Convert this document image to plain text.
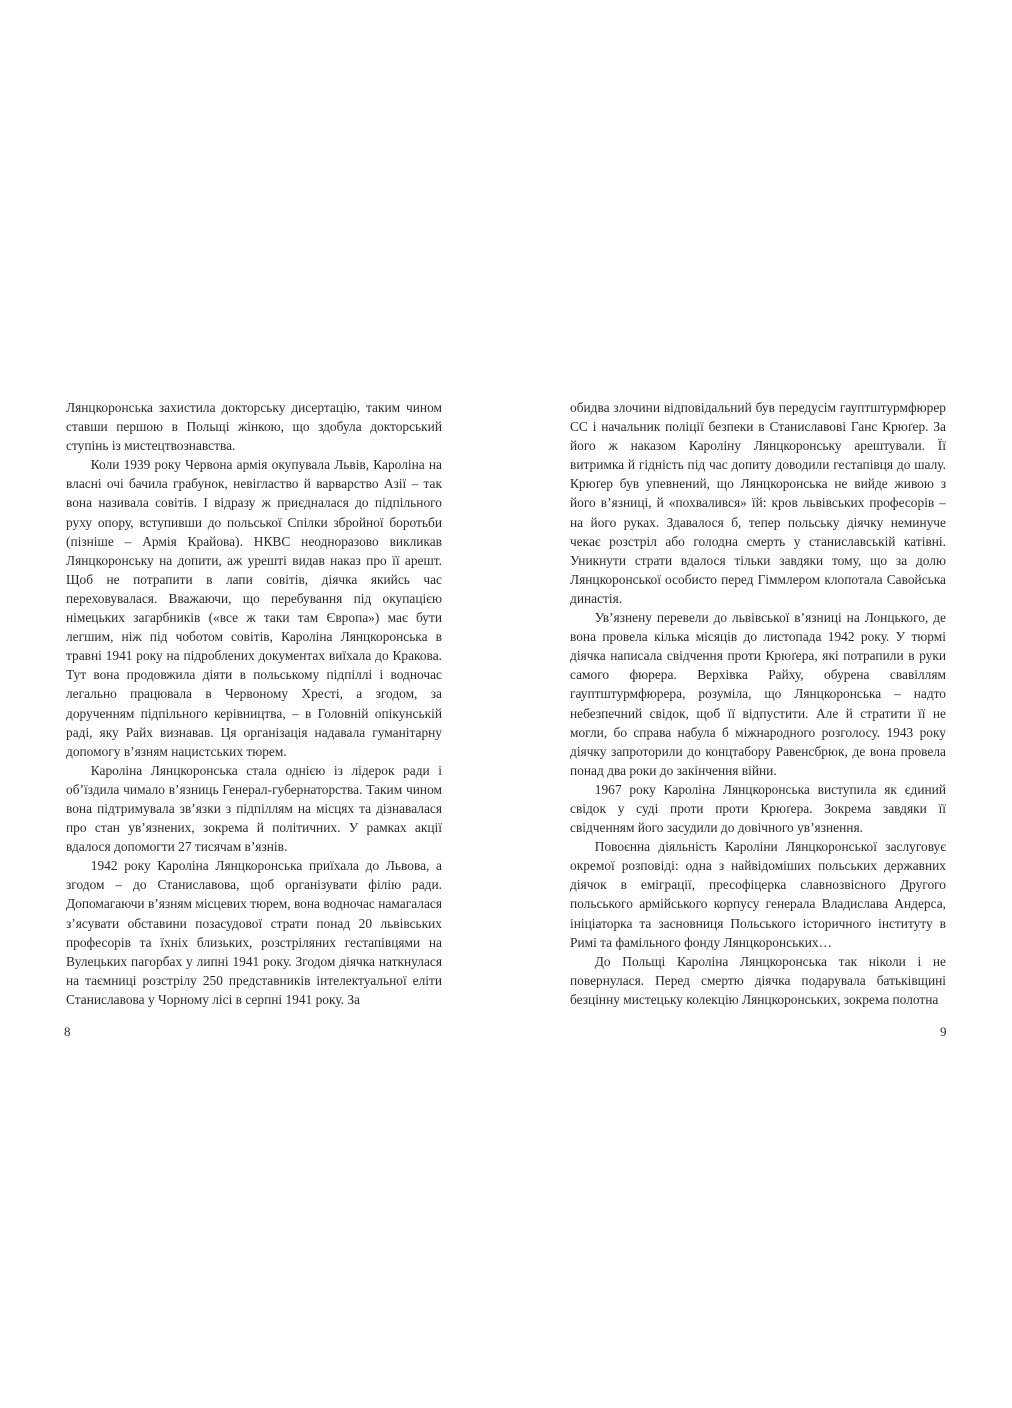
Лянцкоронська захистила докторську дисертацію, таким чином ставши першою в Польщі жінкою, що здобула докторський ступінь із мистецтвознавства.

Коли 1939 року Червона армія окупувала Львів, Кароліна на власні очі бачила грабунок, невігластво й варварство Азії – так вона називала совітів. І відразу ж приєдналася до підпільного руху опору, вступивши до польської Спілки збройної боротьби (пізніше – Армія Крайова). НКВС неодноразово викликав Лянцкоронську на допити, аж урешті видав наказ про її арешт. Щоб не потрапити в лапи совітів, діячка якийсь час переховувалася. Вважаючи, що перебування під окупацією німецьких загарбників («все ж таки там Європа») має бути легшим, ніж під чоботом совітів, Кароліна Лянцкоронська в травні 1941 року на підроблених документах виїхала до Кракова. Тут вона продовжила діяти в польському підпіллі і водночас легально працювала в Червоному Хресті, а згодом, за дорученням підпільного керівництва, – в Головній опікунській раді, яку Райх визнавав. Ця організація надавала гуманітарну допомогу в’язням нацистських тюрем.

Кароліна Лянцкоронська стала однією із лідерок ради і об’їздила чимало в’язниць Генерал-губернаторства. Таким чином вона підтримувала зв’язки з підпіллям на місцях та дізнавалася про стан ув’язнених, зокрема й політичних. У рамках акції вдалося допомогти 27 тисячам в’язнів.

1942 року Кароліна Лянцкоронська приїхала до Львова, а згодом – до Станиславова, щоб організувати філію ради. Допомагаючи в’язням місцевих тюрем, вона водночас намагалася з’ясувати обставини позасудової страти понад 20 львівських професорів та їхніх близьких, розстріляних гестапівцями на Вулецьких пагорбах у липні 1941 року. Згодом діячка наткнулася на таємниці розстрілу 250 представників інтелектуальної еліти Станиславова у Чорному лісі в серпні 1941 року. За

обидва злочини відповідальний був передусім гауптштурмфюрер СС і начальник поліції безпеки в Станиславові Ганс Крюґер. За його ж наказом Кароліну Лянцкоронську арештували. Її витримка й гідність під час допиту доводили гестапівця до шалу. Крюґер був упевнений, що Лянцкоронська не вийде живою з його в’язниці, й «похвалився» їй: кров львівських професорів – на його руках. Здавалося б, тепер польську діячку неминуче чекає розстріл або голодна смерть у станиславській катівні. Уникнути страти вдалося тільки завдяки тому, що за долю Лянцкоронської особисто перед Гіммлером клопотала Савойська династія.

Ув’язнену перевели до львівської в’язниці на Лонцького, де вона провела кілька місяців до листопада 1942 року. У тюрмі діячка написала свідчення проти Крюґера, які потрапили в руки самого фюрера. Верхівка Райху, обурена свавіллям гауптштурмфюрера, розуміла, що Лянцкоронська – надто небезпечний свідок, щоб її відпустити. Але й стратити її не могли, бо справа набула б міжнародного розголосу. 1943 року діячку запроторили до концтабору Равенсбрюк, де вона провела понад два роки до закінчення війни.

1967 року Кароліна Лянцкоронська виступила як єдиний свідок у суді проти проти Крюґера. Зокрема завдяки її свідченням його засудили до довічного ув’язнення.

Повоєнна діяльність Кароліни Лянцкоронської заслуговує окремої розповіді: одна з найвідоміших польських державних діячок в еміграції, пресофіцерка славнозвісного Другого польського армійського корпусу генерала Владислава Андерса, ініціаторка та засновниця Польського історичного інституту в Римі та фамільного фонду Лянцкоронських…

До Польщі Кароліна Лянцкоронська так ніколи і не повернулася. Перед смертю діячка подарувала батьківщині безцінну мистецьку колекцію Лянцкоронських, зокрема полотна

8	9
